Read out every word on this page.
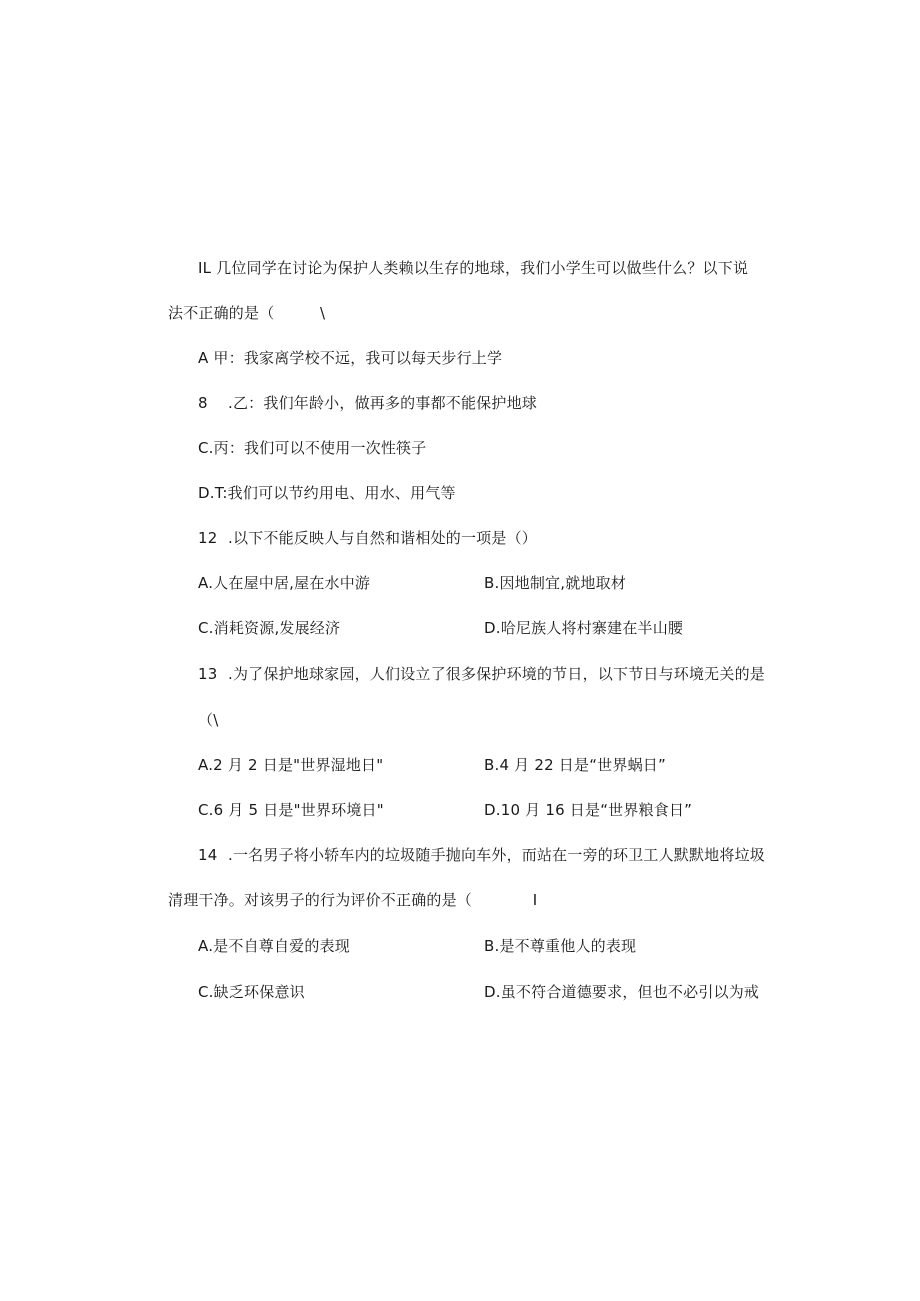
IL 几位同学在讨论为保护人类赖以生存的地球，我们小学生可以做些什么？以下说
法不正确的是（　　　\
A 甲：我家离学校不远，我可以每天步行上学
8 .乙：我们年龄小，做再多的事都不能保护地球
C.丙：我们可以不使用一次性筷子
D.T:我们可以节约用电、用水、用气等
12 .以下不能反映人与自然和谐相处的一项是（）
A.人在屋中居,屋在水中游	B.因地制宜,就地取材
C.消耗资源,发展经济	D.哈尼族人将村寨建在半山腰
13 .为了保护地球家园，人们设立了很多保护环境的节日，以下节日与环境无关的是
（\
A.2 月 2 日是"世界湿地日"	B.4 月 22 日是“世界蜗日”
C.6 月 5 日是"世界环境日"	D.10 月 16 日是“世界粮食日”
14 .一名男子将小轿车内的垃圾随手抛向车外，而站在一旁的环卫工人默默地将垃圾
清理干净。对该男子的行为评价不正确的是（　　　　I
A.是不自尊自爱的表现	B.是不尊重他人的表现
C.缺乏环保意识	D.虽不符合道德要求，但也不必引以为戒
